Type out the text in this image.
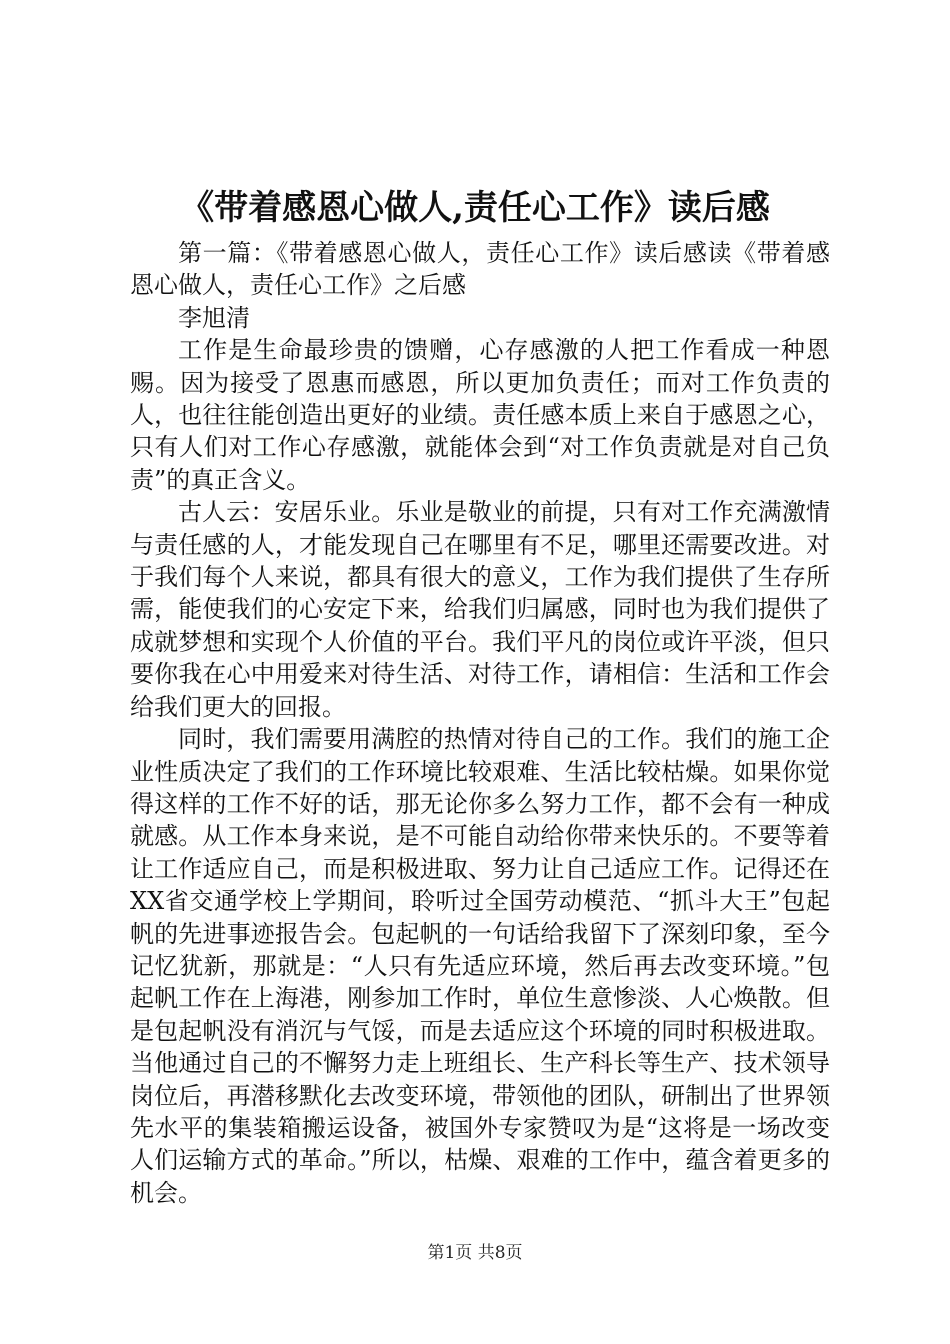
《带着感恩心做人,责任心工作》读后感

第一篇：《带着感恩心做人，责任心工作》读后感读《带着感恩心做人，责任心工作》之后感

李旭清

工作是生命最珍贵的馈赠，心存感激的人把工作看成一种恩赐。因为接受了恩惠而感恩，所以更加负责任；而对工作负责的人，也往往能创造出更好的业绩。责任感本质上来自于感恩之心，只有人们对工作心存感激，就能体会到“对工作负责就是对自己负责”的真正含义。

古人云：安居乐业。乐业是敬业的前提，只有对工作充满激情与责任感的人，才能发现自己在哪里有不足，哪里还需要改进。对于我们每个人来说，都具有很大的意义，工作为我们提供了生存所需，能使我们的心安定下来，给我们归属感，同时也为我们提供了成就梦想和实现个人价值的平台。我们平凡的岗位或许平淡，但只要你我在心中用爱来对待生活、对待工作，请相信：生活和工作会给我们更大的回报。

同时，我们需要用满腔的热情对待自己的工作。我们的施工企业性质决定了我们的工作环境比较艰难、生活比较枯燥。如果你觉得这样的工作不好的话，那无论你多么努力工作，都不会有一种成就感。从工作本身来说，是不可能自动给你带来快乐的。不要等着让工作适应自己，而是积极进取、努力让自己适应工作。记得还在XX省交通学校上学期间，聆听过全国劳动模范、“抓斗大王”包起帆的先进事迹报告会。包起帆的一句话给我留下了深刻印象，至今记忆犹新，那就是：“人只有先适应环境，然后再去改变环境。”包起帆工作在上海港，刚参加工作时，单位生意惨淡、人心焕散。但是包起帆没有消沉与气馁，而是去适应这个环境的同时积极进取。当他通过自己的不懈努力走上班组长、生产科长等生产、技术领导岗位后，再潜移默化去改变环境，带领他的团队，研制出了世界领先水平的集装箱搬运设备，被国外专家赞叹为是“这将是一场改变人们运输方式的革命。”所以，枯燥、艰难的工作中，蕴含着更多的机会。

第1页 共8页
